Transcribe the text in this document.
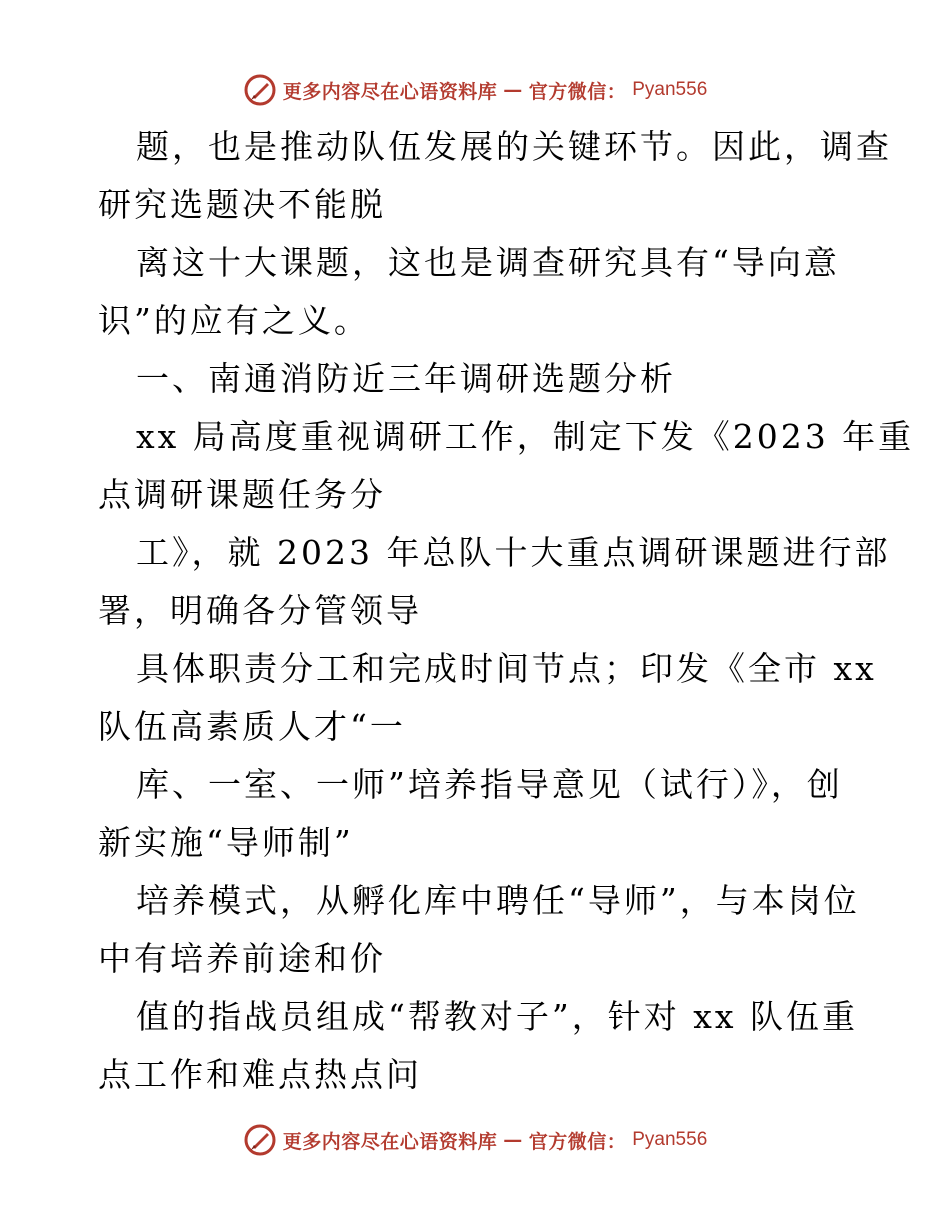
更多内容尽在心语资料库 — 官方微信： Pyan556
题，也是推动队伍发展的关键环节。因此，调查
研究选题决不能脱
离这十大课题，这也是调查研究具有“导向意
识”的应有之义。
一、南通消防近三年调研选题分析
xx 局高度重视调研工作，制定下发《2023 年重
点调研课题任务分
工》，就 2023 年总队十大重点调研课题进行部
署，明确各分管领导
具体职责分工和完成时间节点；印发《全市 xx
队伍高素质人才“一
库、一室、一师”培养指导意见（试行）》，创
新实施“导师制”
培养模式，从孵化库中聘任“导师”，与本岗位
中有培养前途和价
值的指战员组成“帮教对子”，针对 xx 队伍重
点工作和难点热点问
更多内容尽在心语资料库 — 官方微信： Pyan556
